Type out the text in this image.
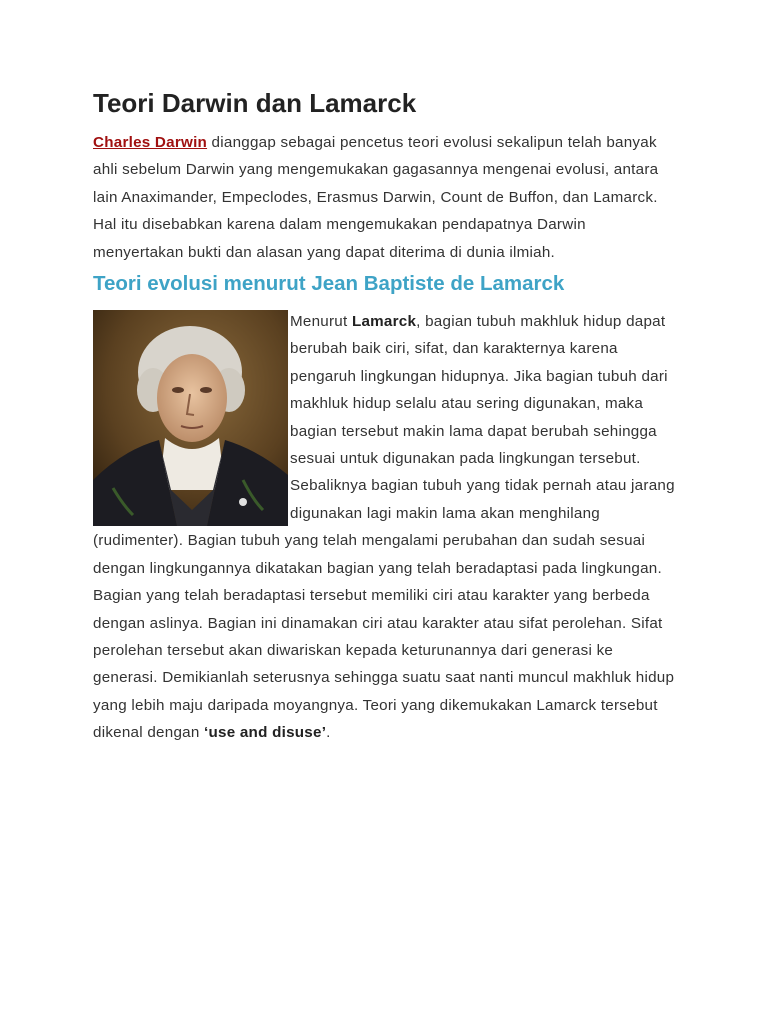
Teori Darwin dan Lamarck

Charles Darwin dianggap sebagai pencetus teori evolusi sekalipun telah banyak ahli sebelum Darwin yang mengemukakan gagasannya mengenai evolusi, antara lain Anaximander, Empeclodes, Erasmus Darwin, Count de Buffon, dan Lamarck. Hal itu disebabkan karena dalam mengemukakan pendapatnya Darwin menyertakan bukti dan alasan yang dapat diterima di dunia ilmiah.

Teori evolusi menurut Jean Baptiste de Lamarck
Menurut Lamarck, bagian tubuh makhluk hidup dapat berubah baik ciri, sifat, dan karakternya karena pengaruh lingkungan hidupnya. Jika bagian tubuh dari makhluk hidup selalu atau sering digunakan, maka bagian tersebut makin lama dapat berubah sehingga sesuai untuk digunakan pada lingkungan tersebut. Sebaliknya bagian tubuh yang tidak pernah atau jarang digunakan lagi makin lama akan menghilang (rudimenter). Bagian tubuh yang telah mengalami perubahan dan sudah sesuai dengan lingkungannya dikatakan bagian yang telah beradaptasi pada lingkungan. Bagian yang telah beradaptasi tersebut memiliki ciri atau karakter yang berbeda dengan aslinya. Bagian ini dinamakan ciri atau karakter atau sifat perolehan. Sifat perolehan tersebut akan diwariskan kepada keturunannya dari generasi ke generasi. Demikianlah seterusnya sehingga suatu saat nanti muncul makhluk hidup yang lebih maju daripada moyangnya. Teori yang dikemukakan Lamarck tersebut dikenal dengan ‘use and disuse’.
